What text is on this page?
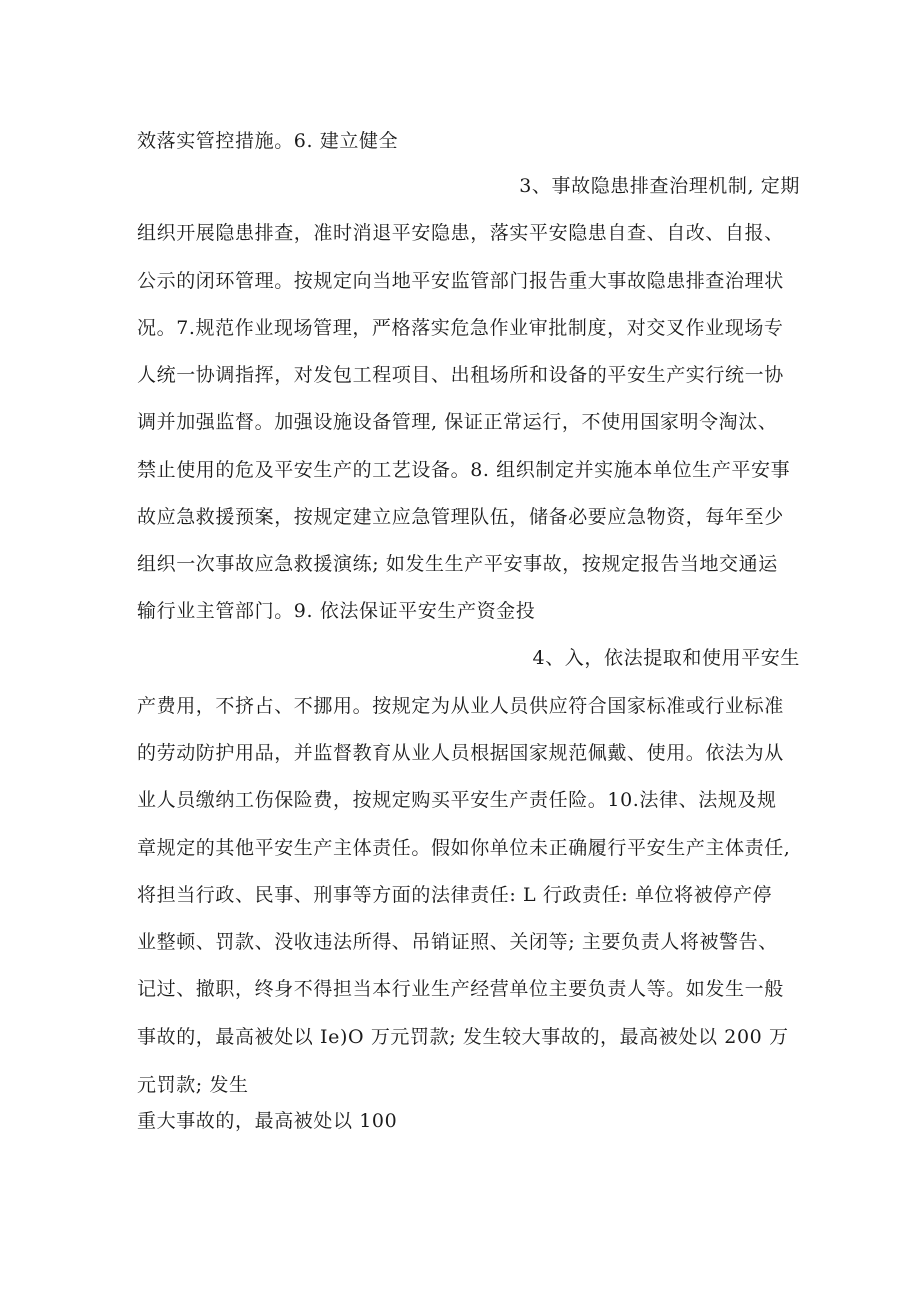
效落实管控措施。6. 建立健全
3、事故隐患排查治理机制, 定期
组织开展隐患排查，准时消退平安隐患，落实平安隐患自查、自改、自报、
公示的闭环管理。按规定向当地平安监管部门报告重大事故隐患排查治理状
况。7.规范作业现场管理，严格落实危急作业审批制度，对交叉作业现场专
人统一协调指挥，对发包工程项目、出租场所和设备的平安生产实行统一协
调并加强监督。加强设施设备管理, 保证正常运行，不使用国家明令淘汰、
禁止使用的危及平安生产的工艺设备。8. 组织制定并实施本单位生产平安事
故应急救援预案，按规定建立应急管理队伍，储备必要应急物资，每年至少
组织一次事故应急救援演练; 如发生生产平安事故，按规定报告当地交通运
输行业主管部门。9. 依法保证平安生产资金投
4、入，依法提取和使用平安生
产费用，不挤占、不挪用。按规定为从业人员供应符合国家标准或行业标准
的劳动防护用品，并监督教育从业人员根据国家规范佩戴、使用。依法为从
业人员缴纳工伤保险费，按规定购买平安生产责任险。10.法律、法规及规
章规定的其他平安生产主体责任。假如你单位未正确履行平安生产主体责任,
将担当行政、民事、刑事等方面的法律责任: L 行政责任: 单位将被停产停
业整顿、罚款、没收违法所得、吊销证照、关闭等; 主要负责人将被警告、
记过、撤职，终身不得担当本行业生产经营单位主要负责人等。如发生一般
事故的，最高被处以 Ie)O 万元罚款; 发生较大事故的，最高被处以 200 万
元罚款; 发生
重大事故的，最高被处以 100
